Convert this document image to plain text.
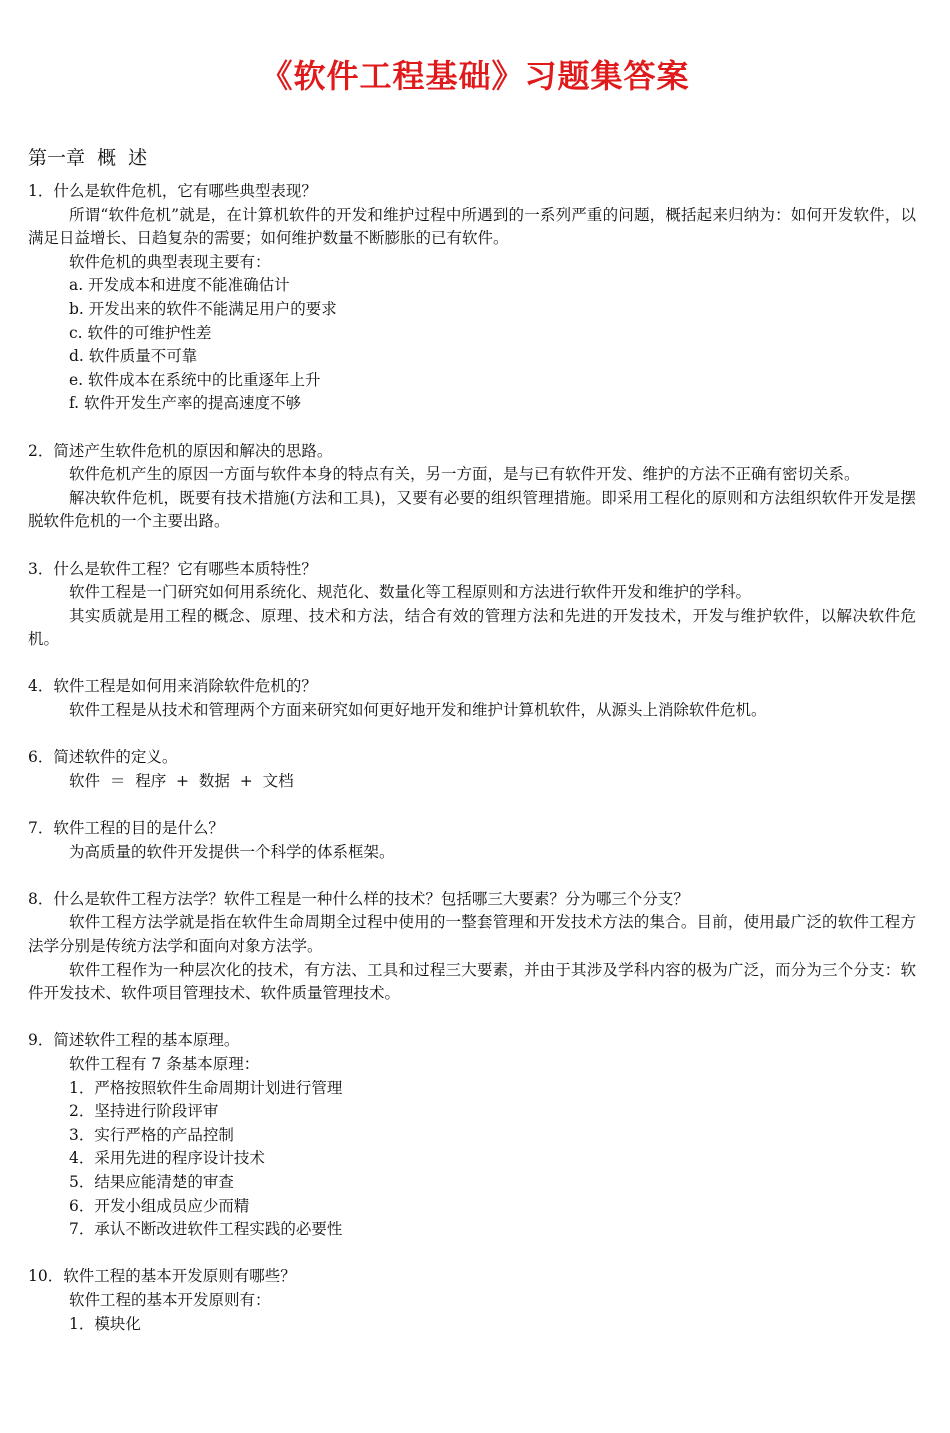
《软件工程基础》习题集答案
第一章  概  述
1．什么是软件危机，它有哪些典型表现？
所谓“软件危机”就是，在计算机软件的开发和维护过程中所遇到的一系列严重的问题，概括起来归纳为：如何开发软件，以满足日益增长、日趋复杂的需要；如何维护数量不断膨胀的已有软件。
软件危机的典型表现主要有：
a. 开发成本和进度不能准确估计
b. 开发出来的软件不能满足用户的要求
c. 软件的可维护性差
d. 软件质量不可靠
e. 软件成本在系统中的比重逐年上升
f. 软件开发生产率的提高速度不够
2．简述产生软件危机的原因和解决的思路。
软件危机产生的原因一方面与软件本身的特点有关，另一方面，是与已有软件开发、维护的方法不正确有密切关系。
解决软件危机，既要有技术措施(方法和工具)，又要有必要的组织管理措施。即采用工程化的原则和方法组织软件开发是摆脱软件危机的一个主要出路。
3．什么是软件工程？它有哪些本质特性？
软件工程是一门研究如何用系统化、规范化、数量化等工程原则和方法进行软件开发和维护的学科。
其实质就是用工程的概念、原理、技术和方法，结合有效的管理方法和先进的开发技术，开发与维护软件，以解决软件危机。
4．软件工程是如何用来消除软件危机的？
软件工程是从技术和管理两个方面来研究如何更好地开发和维护计算机软件，从源头上消除软件危机。
6．简述软件的定义。
软件  ＝  程序  +  数据  +  文档
7．软件工程的目的是什么？
为高质量的软件开发提供一个科学的体系框架。
8．什么是软件工程方法学？软件工程是一种什么样的技术？包括哪三大要素？分为哪三个分支？
软件工程方法学就是指在软件生命周期全过程中使用的一整套管理和开发技术方法的集合。目前，使用最广泛的软件工程方法学分别是传统方法学和面向对象方法学。
软件工程作为一种层次化的技术，有方法、工具和过程三大要素，并由于其涉及学科内容的极为广泛，而分为三个分支：软件开发技术、软件项目管理技术、软件质量管理技术。
9．简述软件工程的基本原理。
软件工程有 7 条基本原理：
1．严格按照软件生命周期计划进行管理
2．坚持进行阶段评审
3．实行严格的产品控制
4．采用先进的程序设计技术
5．结果应能清楚的审查
6．开发小组成员应少而精
7．承认不断改进软件工程实践的必要性
10．软件工程的基本开发原则有哪些？
软件工程的基本开发原则有：
1．模块化
